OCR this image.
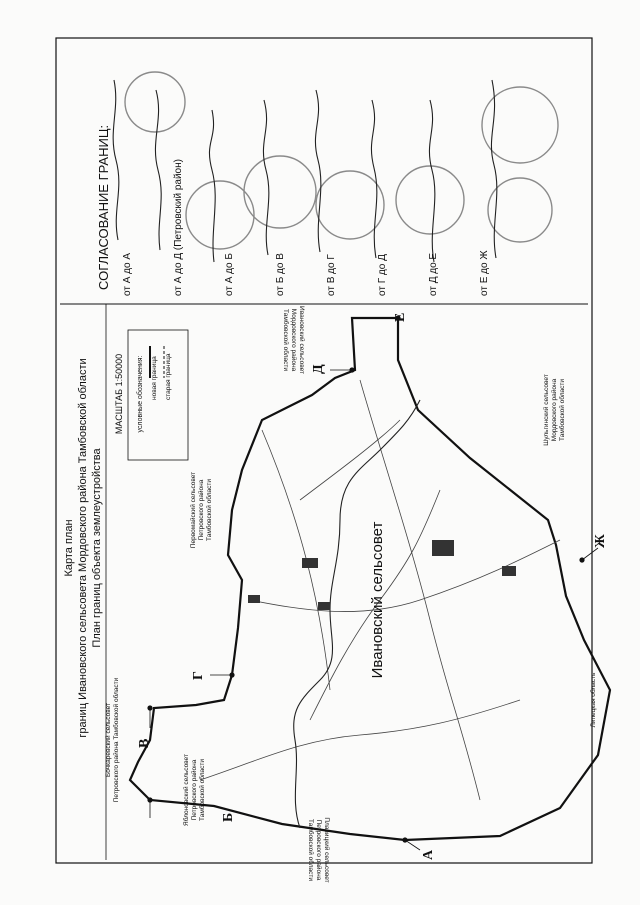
Карта план границ Ивановского сельсовета Мордовского района Тамбовской области План границ объекта землеустройства
МАСШТАБ 1:50000 условные обозначения: новая граница старая граница
Ивановский сельсовет
Бочкаревский сельсовет Петровского района Тамбовской области	Яблоновский сельсовет Петровского района Тамбовской области
Плавицкий сельсовет
Петровского района
Тамбовской области
Первомайский сельсовет Петровского района Тамбовской области
Ивановский сельсовет
Мордовского района
Тамбовской области
Шульгинский сельсовет Мордовского района Тамбовской области
Липецкая область
Е
Д
Г
В
Б
А
Ж
СОГЛАСОВАНИЕ ГРАНИЦ: от А до А	от А до Д (Петровский район)	от А до Б	от Б до В	от В до Г	от Г до Д	от Д до Е	от Е до Ж
